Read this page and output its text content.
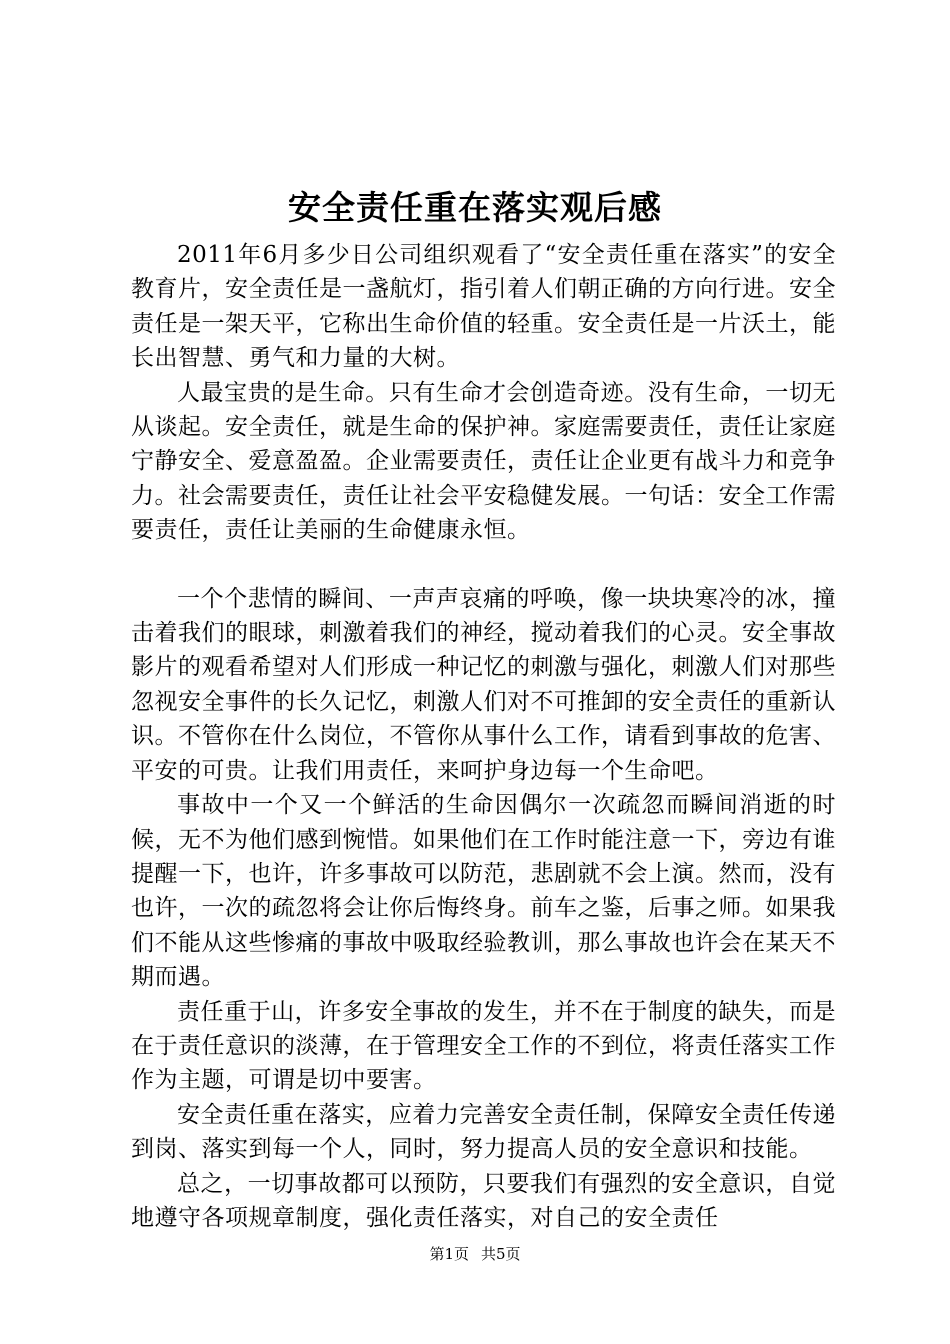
安全责任重在落实观后感

2011年6月多少日公司组织观看了“安全责任重在落实”的安全教育片，安全责任是一盏航灯，指引着人们朝正确的方向行进。安全责任是一架天平，它称出生命价值的轻重。安全责任是一片沃土，能长出智慧、勇气和力量的大树。

人最宝贵的是生命。只有生命才会创造奇迹。没有生命，一切无从谈起。安全责任，就是生命的保护神。家庭需要责任，责任让家庭宁静安全、爱意盈盈。企业需要责任，责任让企业更有战斗力和竞争力。社会需要责任，责任让社会平安稳健发展。一句话：安全工作需要责任，责任让美丽的生命健康永恒。

一个个悲情的瞬间、一声声哀痛的呼唤，像一块块寒冷的冰，撞击着我们的眼球，刺激着我们的神经，搅动着我们的心灵。安全事故影片的观看希望对人们形成一种记忆的刺激与强化，刺激人们对那些忽视安全事件的长久记忆，刺激人们对不可推卸的安全责任的重新认识。不管你在什么岗位，不管你从事什么工作，请看到事故的危害、平安的可贵。让我们用责任，来呵护身边每一个生命吧。

事故中一个又一个鲜活的生命因偶尔一次疏忽而瞬间消逝的时候，无不为他们感到惋惜。如果他们在工作时能注意一下，旁边有谁提醒一下，也许，许多事故可以防范，悲剧就不会上演。然而，没有也许，一次的疏忽将会让你后悔终身。前车之鉴，后事之师。如果我们不能从这些惨痛的事故中吸取经验教训，那么事故也许会在某天不期而遇。

责任重于山，许多安全事故的发生，并不在于制度的缺失，而是在于责任意识的淡薄，在于管理安全工作的不到位，将责任落实工作作为主题，可谓是切中要害。

安全责任重在落实，应着力完善安全责任制，保障安全责任传递到岗、落实到每一个人，同时，努力提高人员的安全意识和技能。

总之，一切事故都可以预防，只要我们有强烈的安全意识，自觉地遵守各项规章制度，强化责任落实，对自己的安全责任

第1页 共5页
